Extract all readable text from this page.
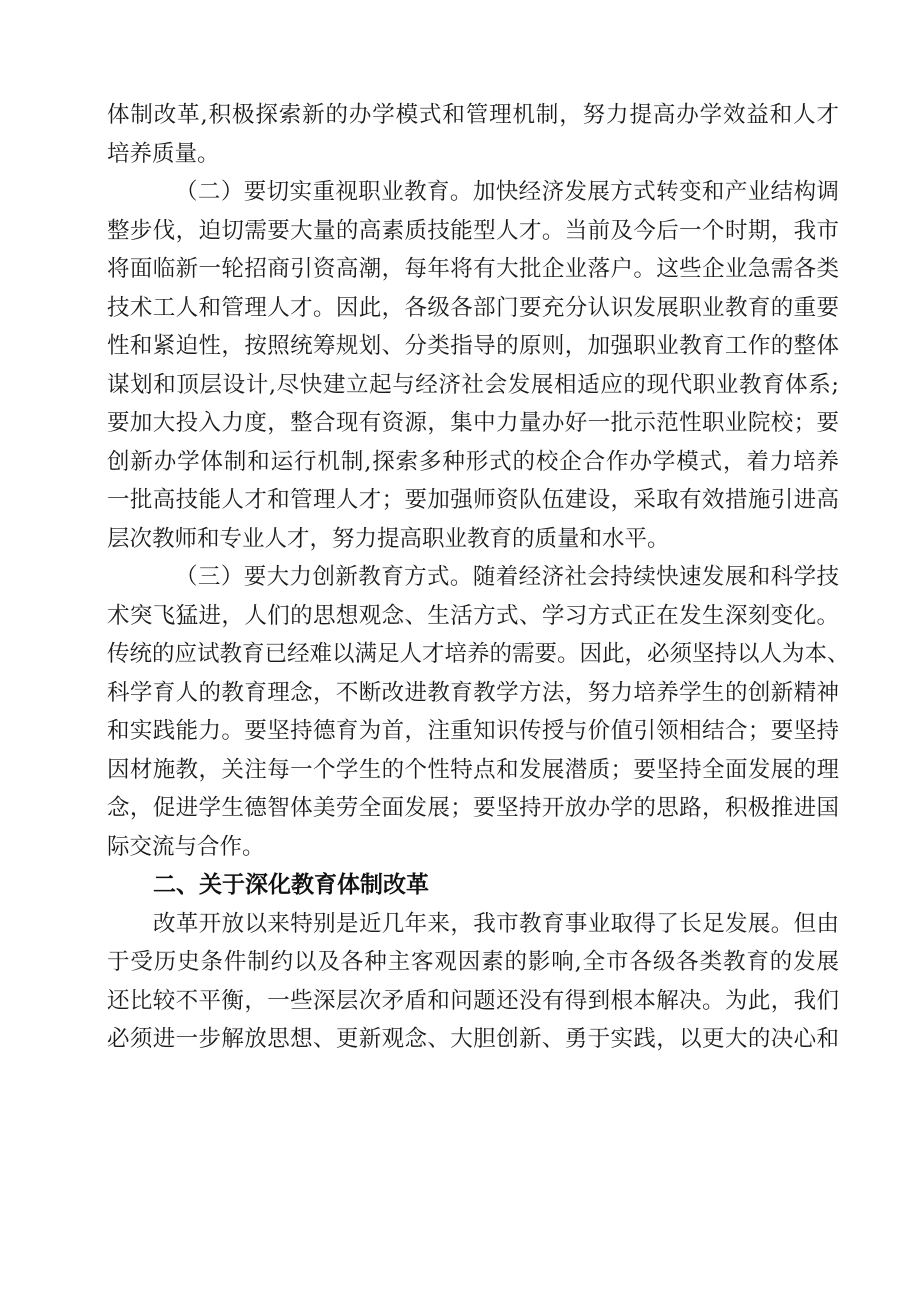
体制改革,积极探索新的办学模式和管理机制，努力提高办学效益和人才
培养质量。
（二）要切实重视职业教育。加快经济发展方式转变和产业结构调
整步伐，迫切需要大量的高素质技能型人才。当前及今后一个时期，我市
将面临新一轮招商引资高潮，每年将有大批企业落户。这些企业急需各类
技术工人和管理人才。因此，各级各部门要充分认识发展职业教育的重要
性和紧迫性，按照统筹规划、分类指导的原则，加强职业教育工作的整体
谋划和顶层设计,尽快建立起与经济社会发展相适应的现代职业教育体系;
要加大投入力度，整合现有资源，集中力量办好一批示范性职业院校；要
创新办学体制和运行机制,探索多种形式的校企合作办学模式，着力培养
一批高技能人才和管理人才；要加强师资队伍建设，采取有效措施引进高
层次教师和专业人才，努力提高职业教育的质量和水平。
（三）要大力创新教育方式。随着经济社会持续快速发展和科学技
术突飞猛进，人们的思想观念、生活方式、学习方式正在发生深刻变化。
传统的应试教育已经难以满足人才培养的需要。因此，必须坚持以人为本、
科学育人的教育理念，不断改进教育教学方法，努力培养学生的创新精神
和实践能力。要坚持德育为首，注重知识传授与价值引领相结合；要坚持
因材施教，关注每一个学生的个性特点和发展潜质；要坚持全面发展的理
念，促进学生德智体美劳全面发展；要坚持开放办学的思路，积极推进国
际交流与合作。
二、关于深化教育体制改革
改革开放以来特别是近几年来，我市教育事业取得了长足发展。但由
于受历史条件制约以及各种主客观因素的影响,全市各级各类教育的发展
还比较不平衡，一些深层次矛盾和问题还没有得到根本解决。为此，我们
必须进一步解放思想、更新观念、大胆创新、勇于实践，以更大的决心和
